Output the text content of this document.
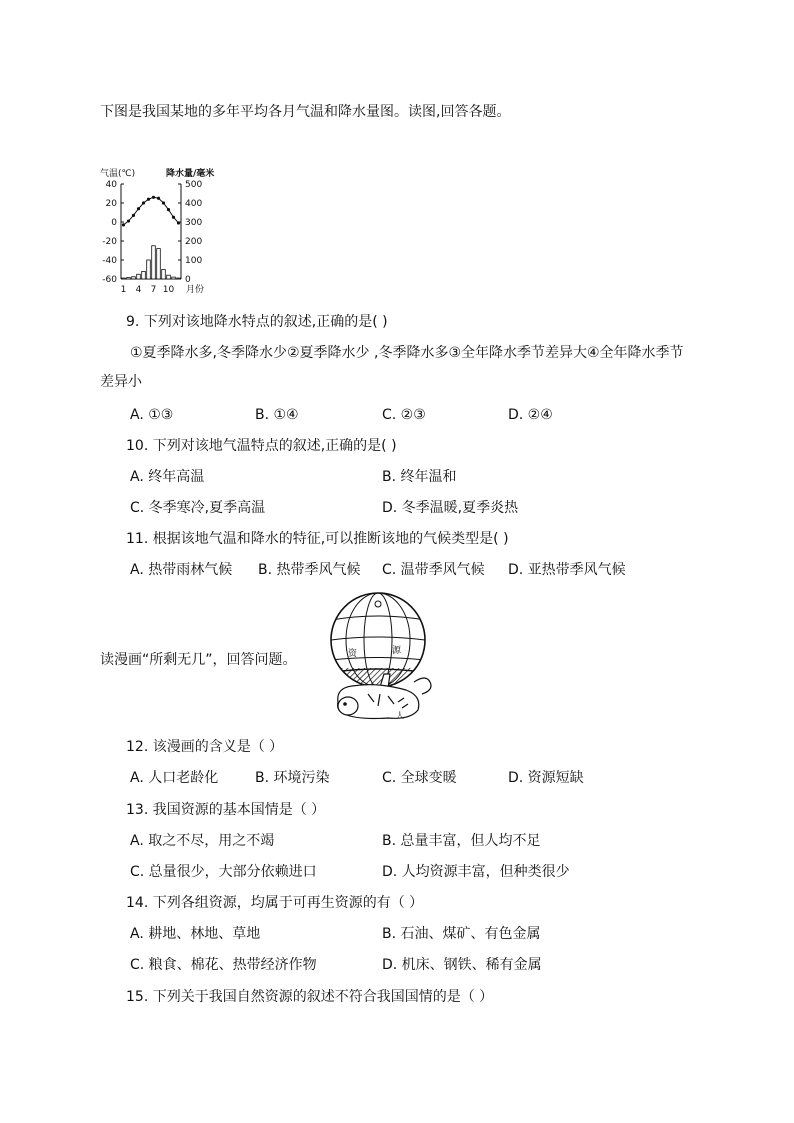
下图是我国某地的多年平均各月气温和降水量图。读图,回答各题。
气温(℃)	降水量/毫米
40
20
0
-20
-40
-60
500
400
300
200
100
0
1 4 7 10 月份
9. 下列对该地降水特点的叙述,正确的是( )
①夏季降水多,冬季降水少②夏季降水少 ,冬季降水多③全年降水季节差异大④全年降水季节
差异小
A. ①③	B. ①④	C. ②③	D. ②④
10. 下列对该地气温特点的叙述,正确的是( )
A. 终年高温	B. 终年温和
C. 冬季寒冷,夏季高温	D. 冬季温暖,夏季炎热
11. 根据该地气温和降水的特征,可以推断该地的气候类型是( )
A. 热带雨林气候 B. 热带季风气候 C. 温带季风气候 D. 亚热带季风气候
读漫画“所剩无几”，回答问题。	资	源
人
12. 该漫画的含义是（ ）
A. 人口老龄化	B. 环境污染	C. 全球变暖	D. 资源短缺
13. 我国资源的基本国情是（ ）
A. 取之不尽，用之不竭	B. 总量丰富，但人均不足
C. 总量很少，大部分依赖进口	D. 人均资源丰富，但种类很少
14. 下列各组资源，均属于可再生资源的有（ ）
A. 耕地、林地、草地	B. 石油、煤矿、有色金属
C. 粮食、棉花、热带经济作物	D. 机床、钢铁、稀有金属
15. 下列关于我国自然资源的叙述不符合我国国情的是（ ）
